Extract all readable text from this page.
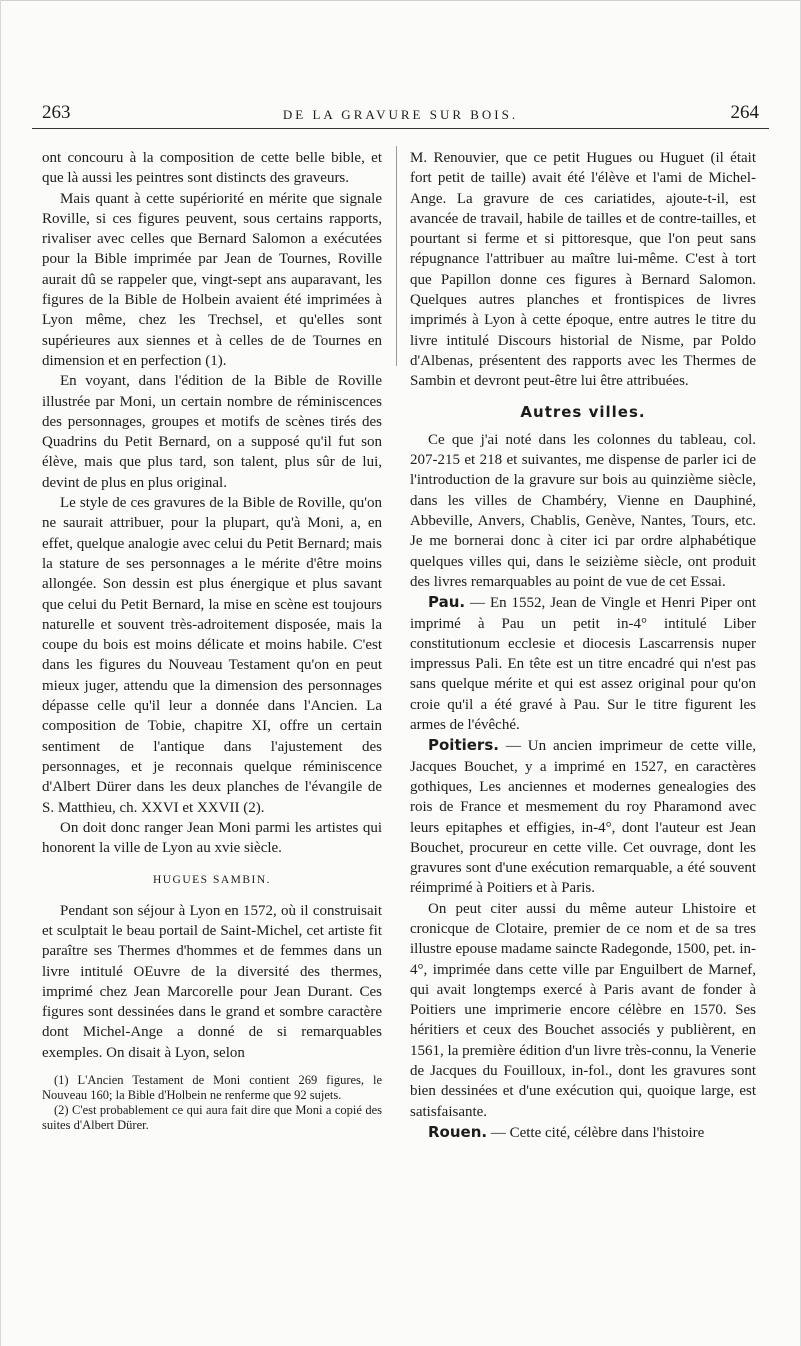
263	DE LA GRAVURE SUR BOIS.	264

ont concouru à la composition de cette belle bible, et que là aussi les peintres sont distincts des graveurs.

Mais quant à cette supériorité en mérite que signale Roville, si ces figures peuvent, sous certains rapports, rivaliser avec celles que Bernard Salomon a exécutées pour la Bible imprimée par Jean de Tournes, Roville aurait dû se rappeler que, vingt-sept ans auparavant, les figures de la Bible de Holbein avaient été imprimées à Lyon même, chez les Trechsel, et qu'elles sont supérieures aux siennes et à celles de de Tournes en dimension et en perfection (1).

En voyant, dans l'édition de la Bible de Roville illustrée par Moni, un certain nombre de réminiscences des personnages, groupes et motifs de scènes tirés des Quadrins du Petit Bernard, on a supposé qu'il fut son élève, mais que plus tard, son talent, plus sûr de lui, devint de plus en plus original.

Le style de ces gravures de la Bible de Roville, qu'on ne saurait attribuer, pour la plupart, qu'à Moni, a, en effet, quelque analogie avec celui du Petit Bernard; mais la stature de ses personnages a le mérite d'être moins allongée. Son dessin est plus énergique et plus savant que celui du Petit Bernard, la mise en scène est toujours naturelle et souvent très-adroitement disposée, mais la coupe du bois est moins délicate et moins habile. C'est dans les figures du Nouveau Testament qu'on en peut mieux juger, attendu que la dimension des personnages dépasse celle qu'il leur a donnée dans l'Ancien. La composition de Tobie, chapitre XI, offre un certain sentiment de l'antique dans l'ajustement des personnages, et je reconnais quelque réminiscence d'Albert Dürer dans les deux planches de l'évangile de S. Matthieu, ch. XXVI et XXVII (2).

On doit donc ranger Jean Moni parmi les artistes qui honorent la ville de Lyon au xvie siècle.

HUGUES SAMBIN.

Pendant son séjour à Lyon en 1572, où il construisait et sculptait le beau portail de Saint-Michel, cet artiste fit paraître ses Thermes d'hommes et de femmes dans un livre intitulé OEuvre de la diversité des thermes, imprimé chez Jean Marcorelle pour Jean Durant. Ces figures sont dessinées dans le grand et sombre caractère dont Michel-Ange a donné de si remarquables exemples. On disait à Lyon, selon

(1) L'Ancien Testament de Moni contient 269 figures, le Nouveau 160; la Bible d'Holbein ne renferme que 92 sujets.

(2) C'est probablement ce qui aura fait dire que Moni a copié des suites d'Albert Dürer.

M. Renouvier, que ce petit Hugues ou Huguet (il était fort petit de taille) avait été l'élève et l'ami de Michel-Ange. La gravure de ces cariatides, ajoute-t-il, est avancée de travail, habile de tailles et de contre-tailles, et pourtant si ferme et si pittoresque, que l'on peut sans répugnance l'attribuer au maître lui-même. C'est à tort que Papillon donne ces figures à Bernard Salomon. Quelques autres planches et frontispices de livres imprimés à Lyon à cette époque, entre autres le titre du livre intitulé Discours historial de Nisme, par Poldo d'Albenas, présentent des rapports avec les Thermes de Sambin et devront peut-être lui être attribuées.

Autres villes.

Ce que j'ai noté dans les colonnes du tableau, col. 207-215 et 218 et suivantes, me dispense de parler ici de l'introduction de la gravure sur bois au quinzième siècle, dans les villes de Chambéry, Vienne en Dauphiné, Abbeville, Anvers, Chablis, Genève, Nantes, Tours, etc. Je me bornerai donc à citer ici par ordre alphabétique quelques villes qui, dans le seizième siècle, ont produit des livres remarquables au point de vue de cet Essai.

Pau. — En 1552, Jean de Vingle et Henri Piper ont imprimé à Pau un petit in-4° intitulé Liber constitutionum ecclesie et diocesis Lascarrensis nuper impressus Pali. En tête est un titre encadré qui n'est pas sans quelque mérite et qui est assez original pour qu'on croie qu'il a été gravé à Pau. Sur le titre figurent les armes de l'évêché.

Poitiers. — Un ancien imprimeur de cette ville, Jacques Bouchet, y a imprimé en 1527, en caractères gothiques, Les anciennes et modernes genealogies des rois de France et mesmement du roy Pharamond avec leurs epitaphes et effigies, in-4°, dont l'auteur est Jean Bouchet, procureur en cette ville. Cet ouvrage, dont les gravures sont d'une exécution remarquable, a été souvent réimprimé à Poitiers et à Paris.

On peut citer aussi du même auteur Lhistoire et cronicque de Clotaire, premier de ce nom et de sa tres illustre epouse madame saincte Radegonde, 1500, pet. in-4°, imprimée dans cette ville par Enguilbert de Marnef, qui avait longtemps exercé à Paris avant de fonder à Poitiers une imprimerie encore célèbre en 1570. Ses héritiers et ceux des Bouchet associés y publièrent, en 1561, la première édition d'un livre très-connu, la Venerie de Jacques du Fouilloux, in-fol., dont les gravures sont bien dessinées et d'une exécution qui, quoique large, est satisfaisante.

Rouen. — Cette cité, célèbre dans l'histoire
